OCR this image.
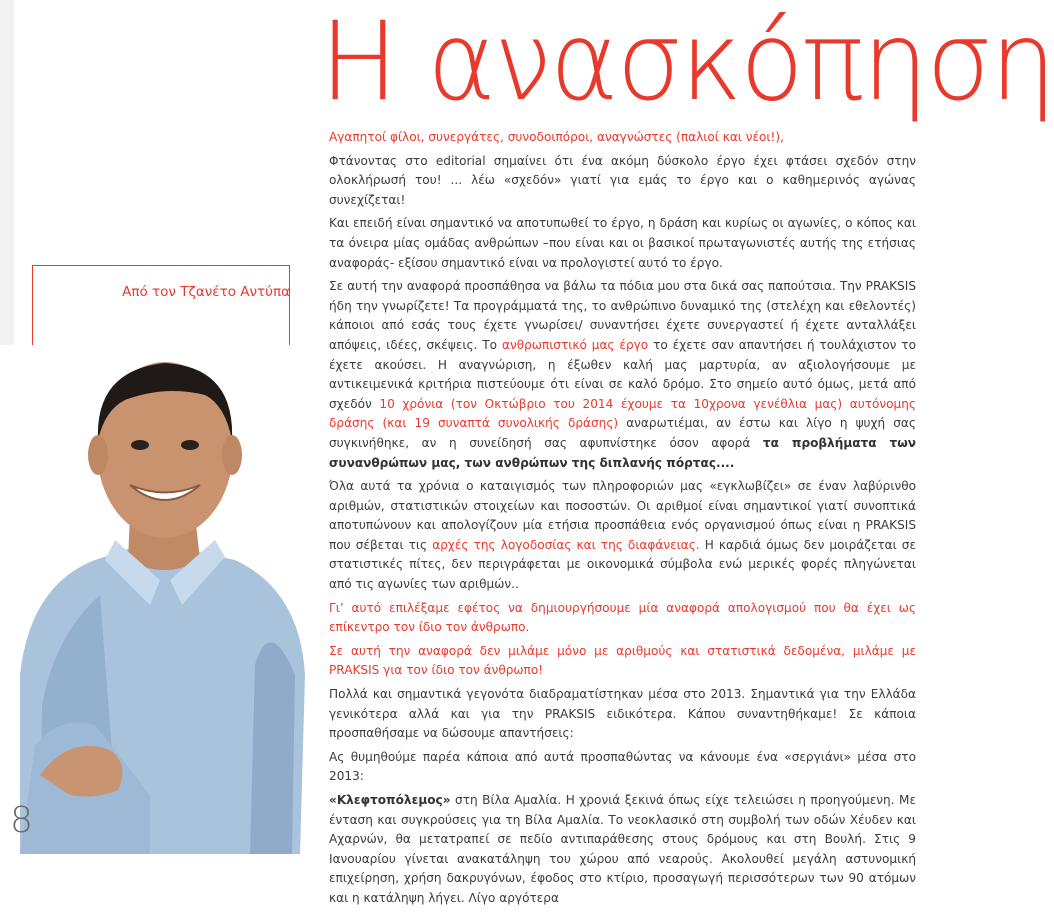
Η ανασκόπηση
Από τον Τζανέτο Αντύπα
8

Αγαπητοί φίλοι, συνεργάτες, συνοδοιπόροι, αναγνώστες (παλιοί και νέοι!),

Φτάνοντας στο editorial σημαίνει ότι ένα ακόμη δύσκολο έργο έχει φτάσει σχεδόν στην ολοκλήρωσή του! ... λέω «σχεδόν» γιατί για εμάς το έργο και ο καθημερινός αγώνας συνεχίζεται!

Και επειδή είναι σημαντικό να αποτυπωθεί το έργο, η δράση και κυρίως οι αγωνίες, ο κόπος και τα όνειρα μίας ομάδας ανθρώπων –που είναι και οι βασικοί πρωταγωνιστές αυτής της ετήσιας αναφοράς- εξίσου σημαντικό είναι να προλογιστεί αυτό το έργο.

Σε αυτή την αναφορά προσπάθησα να βάλω τα πόδια μου στα δικά σας παπούτσια. Την PRAKSIS ήδη την γνωρίζετε! Τα προγράμματά της, το ανθρώπινο δυναμικό της (στελέχη και εθελοντές) κάποιοι από εσάς τους έχετε γνωρίσει/ συναντήσει έχετε συνεργαστεί ή έχετε ανταλλάξει απόψεις, ιδέες, σκέψεις. Το ανθρωπιστικό μας έργο το έχετε σαν απαντήσει ή τουλάχιστον το έχετε ακούσει. Η αναγνώριση, η έξωθεν καλή μας μαρτυρία, αν αξιολογήσουμε με αντικειμενικά κριτήρια πιστεύουμε ότι είναι σε καλό δρόμο. Στο σημείο αυτό όμως, μετά από σχεδόν 10 χρόνια (τον Οκτώβριο του 2014 έχουμε τα 10χρονα γενέθλια μας) αυτόνομης δράσης (και 19 συναπτά συνολικής δράσης) αναρωτιέμαι, αν έστω και λίγο η ψυχή σας συγκινήθηκε, αν η συνείδησή σας αφυπνίστηκε όσον αφορά τα προβλήματα των συνανθρώπων μας, των ανθρώπων της διπλανής πόρτας....

Όλα αυτά τα χρόνια ο καταιγισμός των πληροφοριών μας «εγκλωβίζει» σε έναν λαβύρινθο αριθμών, στατιστικών στοιχείων και ποσοστών. Οι αριθμοί είναι σημαντικοί γιατί συνοπτικά αποτυπώνουν και απολογίζουν μία ετήσια προσπάθεια ενός οργανισμού όπως είναι η PRAKSIS που σέβεται τις αρχές της λογοδοσίας και της διαφάνειας. Η καρδιά όμως δεν μοιράζεται σε στατιστικές πίτες, δεν περιγράφεται με οικονομικά σύμβολα ενώ μερικές φορές πληγώνεται από τις αγωνίες των αριθμών..

Γι’ αυτό επιλέξαμε εφέτος να δημιουργήσουμε μία αναφορά απολογισμού που θα έχει ως επίκεντρο τον ίδιο τον άνθρωπο.

Σε αυτή την αναφορά δεν μιλάμε μόνο με αριθμούς και στατιστικά δεδομένα, μιλάμε με PRAKSIS για τον ίδιο τον άνθρωπο!

Πολλά και σημαντικά γεγονότα διαδραματίστηκαν μέσα στο 2013. Σημαντικά για την Ελλάδα γενικότερα αλλά και για την PRAKSIS ειδικότερα. Κάπου συναντηθήκαμε! Σε κάποια προσπαθήσαμε να δώσουμε απαντήσεις:

Ας θυμηθούμε παρέα κάποια από αυτά προσπαθώντας να κάνουμε ένα «σεργιάνι» μέσα στο 2013:

«Κλεφτοπόλεμος» στη Βίλα Αμαλία. Η χρονιά ξεκινά όπως είχε τελειώσει η προηγούμενη. Με ένταση και συγκρούσεις για τη Βίλα Αμαλία. Το νεοκλασικό στη συμβολή των οδών Χέυδεν και Αχαρνών, θα μετατραπεί σε πεδίο αντιπαράθεσης στους δρόμους και στη Βουλή. Στις 9 Ιανουαρίου γίνεται ανακατάληψη του χώρου από νεαρούς. Ακολουθεί μεγάλη αστυνομική επιχείρηση, χρήση δακρυγόνων, έφοδος στο κτίριο, προσαγωγή περισσότερων των 90 ατόμων και η κατάληψη λήγει. Λίγο αργότερα
